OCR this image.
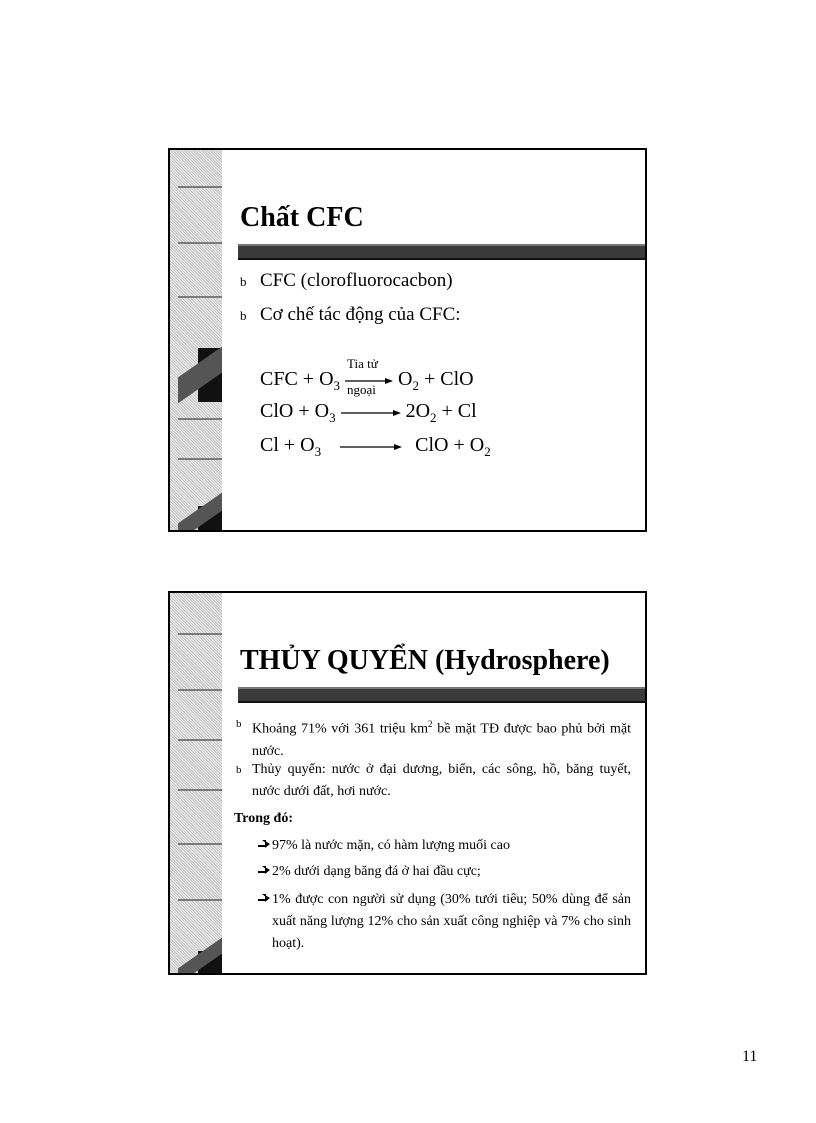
Chất CFC
b CFC (clorofluorocacbon)
b Cơ chế tác động của CFC:
CFC + $O_3$
Tia tử
ngoại $O_2$ + ClO
ClO + $O_3 \to 2O_2 + Cl$
$Cl + O_3$ → ClO + $O_2$
THỦY QUYỂN (Hydrosphere)
b Khoảng 71% với 361 triệu $km^2$ bề mặt TĐ được bao phủ bởi mặt nước.
b Thủy quyển: nước ở đại dương, biển, các sông, hồ, băng tuyết, nước dưới đất, hơi nước.
Trong đó:
97% là nước mặn, có hàm lượng muối cao
2% dưới dạng băng đá ở hai đầu cực;
1% được con người sử dụng (30% tưới tiêu; 50% dùng để sản xuất năng lượng 12% cho sản xuất công nghiệp và 7% cho sinh hoạt).
11
